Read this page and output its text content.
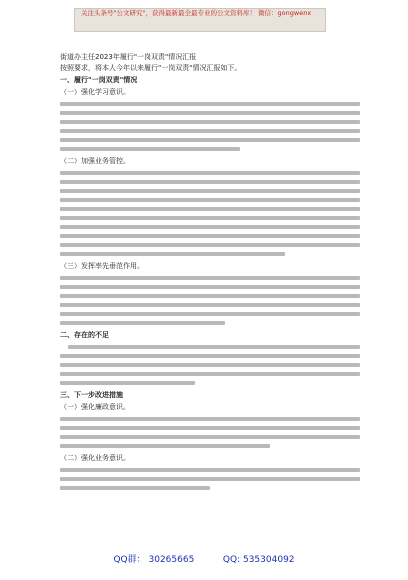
关注头条号"公文研究"，获得最新最全最专业的公文资料库！ 微信：gongwenx
街道办主任2023年履行"一岗双责"情况汇报
按照要求，将本人今年以来履行"一岗双责"情况汇报如下。
一、履行"一岗双责"情况
（一）强化学习意识。
（二）加强业务管控。
（三）发挥率先垂范作用。
二、存在的不足
三、下一步改进措施
（一）强化廉政意识。
（二）强化业务意识。
QQ群： 30265665	QQ: 535304092
